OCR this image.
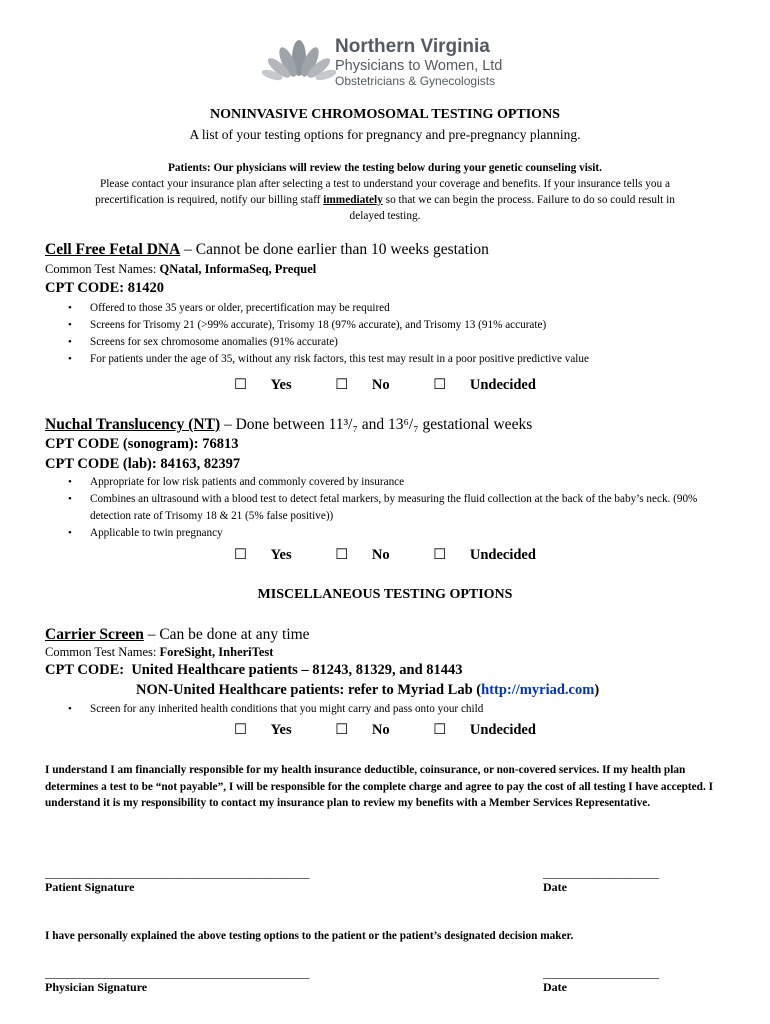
Northern Virginia
Physicians to Women, Ltd
Obstetricians & Gynecologists
NONINVASIVE CHROMOSOMAL TESTING OPTIONS
A list of your testing options for pregnancy and pre-pregnancy planning.
Patients: Our physicians will review the testing below during your genetic counseling visit.
Please contact your insurance plan after selecting a test to understand your coverage and benefits. If your insurance tells you a
precertification is required, notify our billing staff immediately so that we can begin the process. Failure to do so could result in
delayed testing.
Cell Free Fetal DNA – Cannot be done earlier than 10 weeks gestation
Common Test Names: QNatal, InformaSeq, Prequel
CPT CODE: 81420
• Offered to those 35 years or older, precertification may be required
• Screens for Trisomy 21 (>99% accurate), Trisomy 18 (97% accurate), and Trisomy 13 (91% accurate)
• Screens for sex chromosome anomalies (91% accurate)
• For patients under the age of 35, without any risk factors, this test may result in a poor positive predictive value
☐ Yes	☐ No	☐ Undecided
Nuchal Translucency (NT) – Done between 11³/₇ and 13⁶/₇ gestational weeks
CPT CODE (sonogram): 76813
CPT CODE (lab): 84163, 82397
• Appropriate for low risk patients and commonly covered by insurance
• Combines an ultrasound with a blood test to detect fetal markers, by measuring the fluid collection at the back of the baby’s neck. (90% detection rate of Trisomy 18 & 21 (5% false positive))
• Applicable to twin pregnancy
☐ Yes	☐ No	☐ Undecided
MISCELLANEOUS TESTING OPTIONS
Carrier Screen – Can be done at any time
Common Test Names: ForeSight, InheriTest
CPT CODE:  United Healthcare patients – 81243, 81329, and 81443
NON-United Healthcare patients: refer to Myriad Lab (http://myriad.com)
• Screen for any inherited health conditions that you might carry and pass onto your child
☐ Yes	☐ No	☐ Undecided
I understand I am financially responsible for my health insurance deductible, coinsurance, or non-covered services. If my health plan determines a test to be “not payable”, I will be responsible for the complete charge and agree to pay the cost of all testing I have accepted. I understand it is my responsibility to contact my insurance plan to review my benefits with a Member Services Representative.
________________________________________________	_____________________
Patient Signature	Date
I have personally explained the above testing options to the patient or the patient’s designated decision maker.
________________________________________________	_____________________
Physician Signature	Date
